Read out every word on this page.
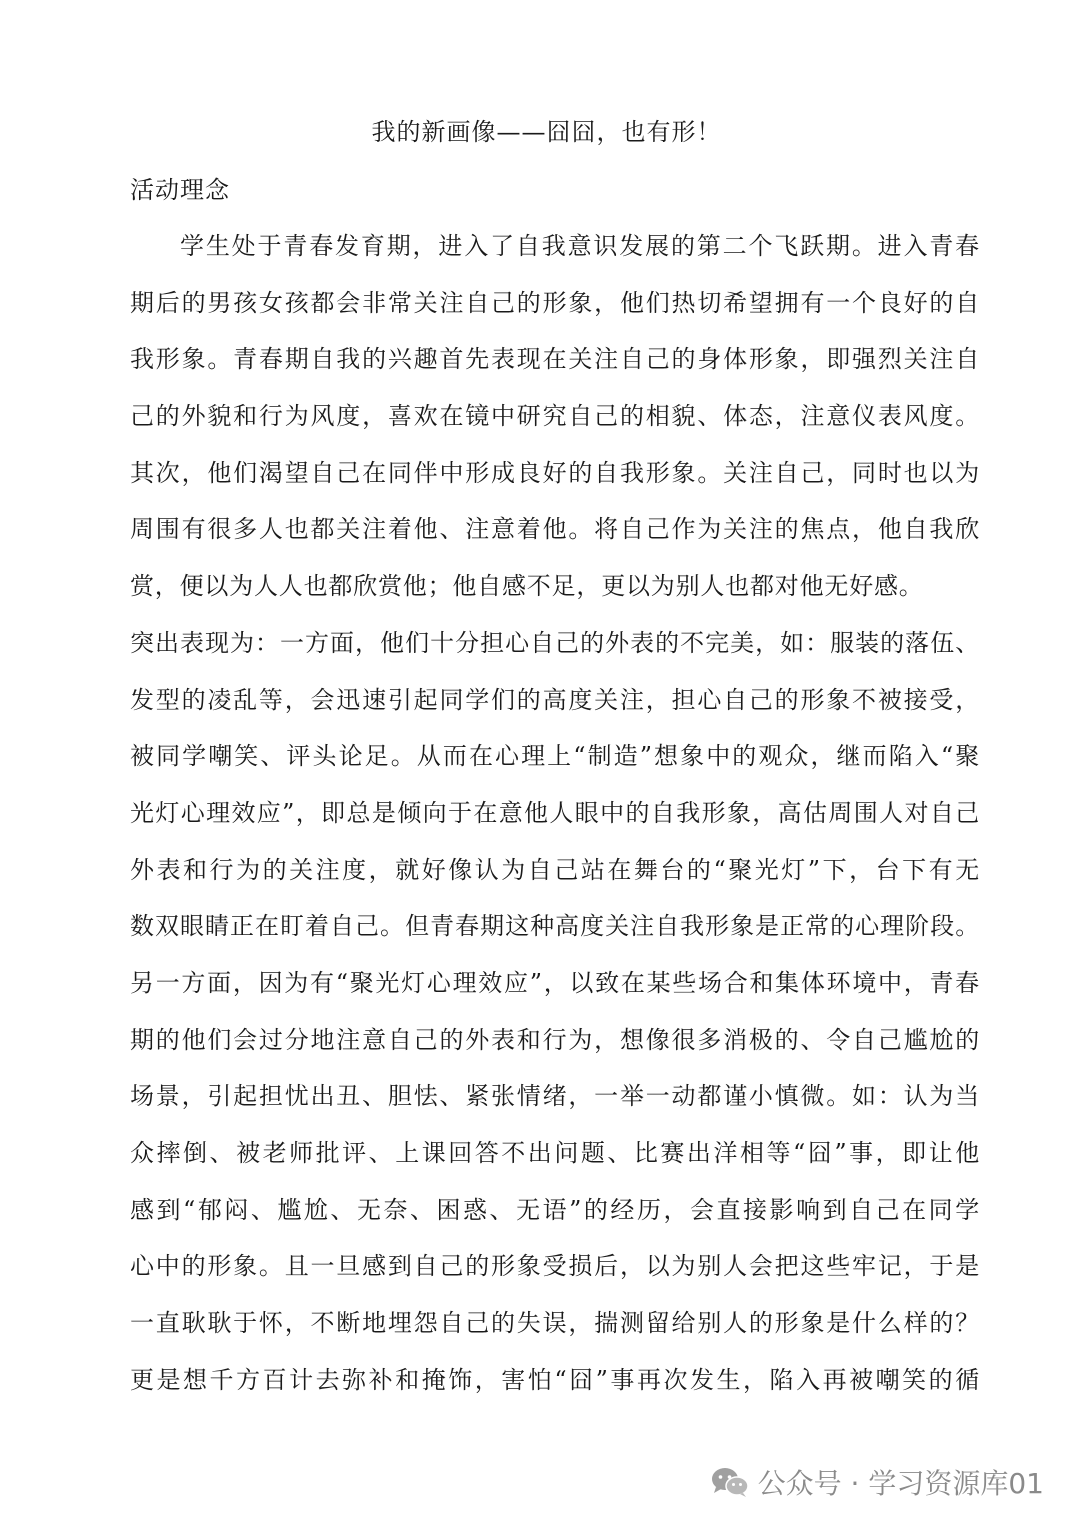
我的新画像——囧囧，也有形！
活动理念
学生处于青春发育期，进入了自我意识发展的第二个飞跃期。进入青春
期后的男孩女孩都会非常关注自己的形象，他们热切希望拥有一个良好的自
我形象。青春期自我的兴趣首先表现在关注自己的身体形象，即强烈关注自
己的外貌和行为风度，喜欢在镜中研究自己的相貌、体态，注意仪表风度。
其次，他们渴望自己在同伴中形成良好的自我形象。关注自己，同时也以为
周围有很多人也都关注着他、注意着他。将自己作为关注的焦点，他自我欣
赏，便以为人人也都欣赏他；他自感不足，更以为别人也都对他无好感。
突出表现为：一方面，他们十分担心自己的外表的不完美，如：服装的落伍、
发型的凌乱等，会迅速引起同学们的高度关注，担心自己的形象不被接受，
被同学嘲笑、评头论足。从而在心理上“制造”想象中的观众，继而陷入“聚
光灯心理效应”，即总是倾向于在意他人眼中的自我形象，高估周围人对自己
外表和行为的关注度，就好像认为自己站在舞台的“聚光灯”下，台下有无
数双眼睛正在盯着自己。但青春期这种高度关注自我形象是正常的心理阶段。
另一方面，因为有“聚光灯心理效应”，以致在某些场合和集体环境中，青春
期的他们会过分地注意自己的外表和行为，想像很多消极的、令自己尴尬的
场景，引起担忧出丑、胆怯、紧张情绪，一举一动都谨小慎微。如：认为当
众摔倒、被老师批评、上课回答不出问题、比赛出洋相等“囧”事，即让他
感到“郁闷、尴尬、无奈、困惑、无语”的经历，会直接影响到自己在同学
心中的形象。且一旦感到自己的形象受损后，以为别人会把这些牢记，于是
一直耿耿于怀，不断地埋怨自己的失误，揣测留给别人的形象是什么样的？
更是想千方百计去弥补和掩饰，害怕“囧”事再次发生，陷入再被嘲笑的循
公众号 · 学习资源库01
